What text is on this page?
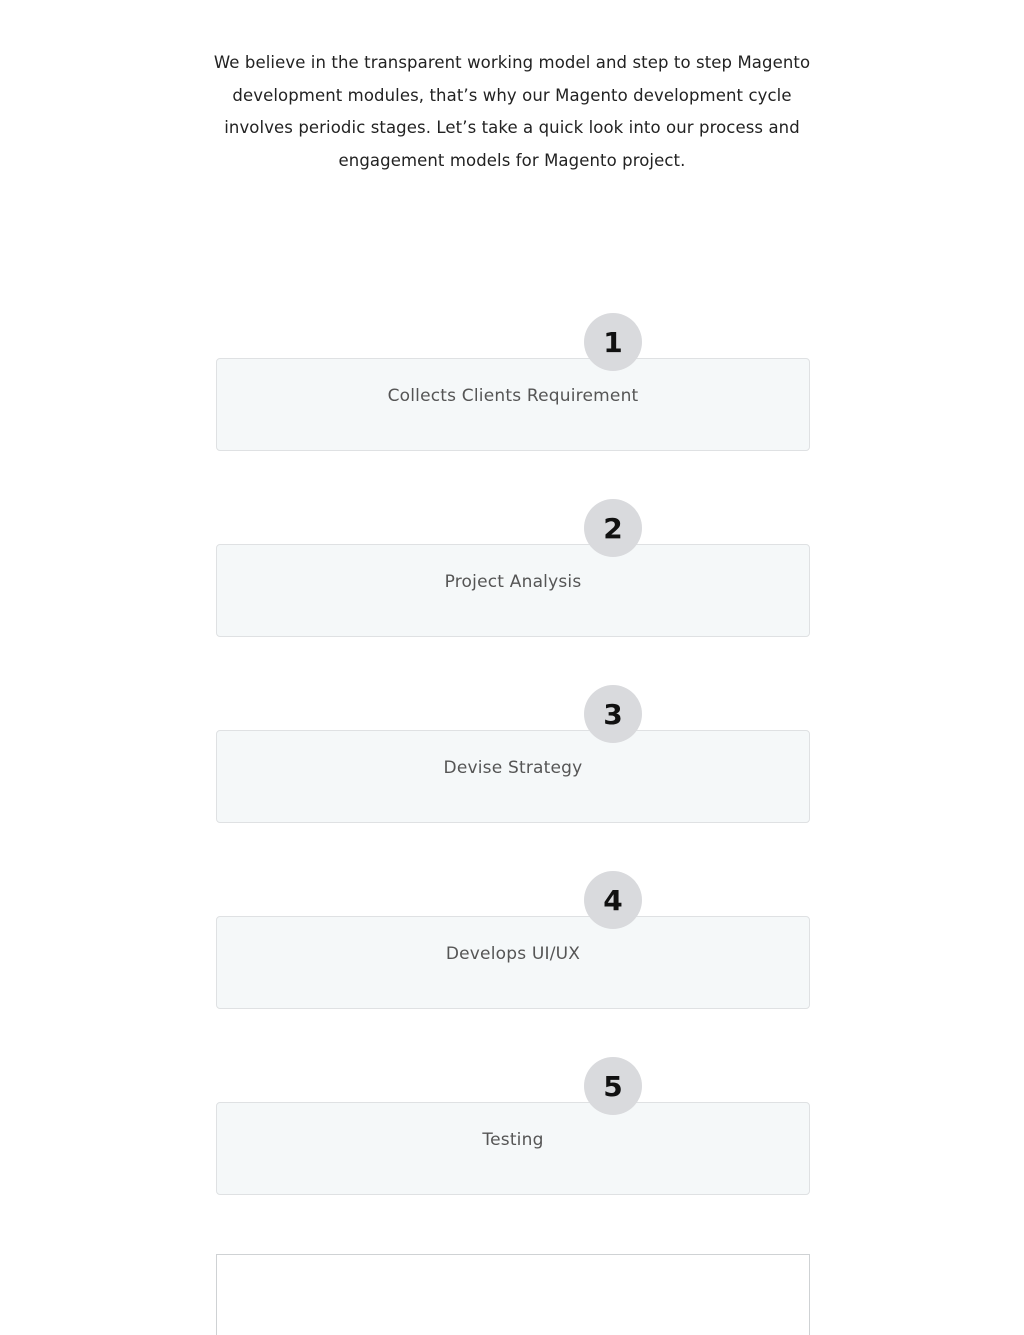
We believe in the transparent working model and step to step Magento development modules, that’s why our Magento development cycle involves periodic stages. Let’s take a quick look into our process and engagement models for Magento project.

1
Collects Clients Requirement
2
Project Analysis
3
Devise Strategy
4
Develops UI/UX
5
Testing
